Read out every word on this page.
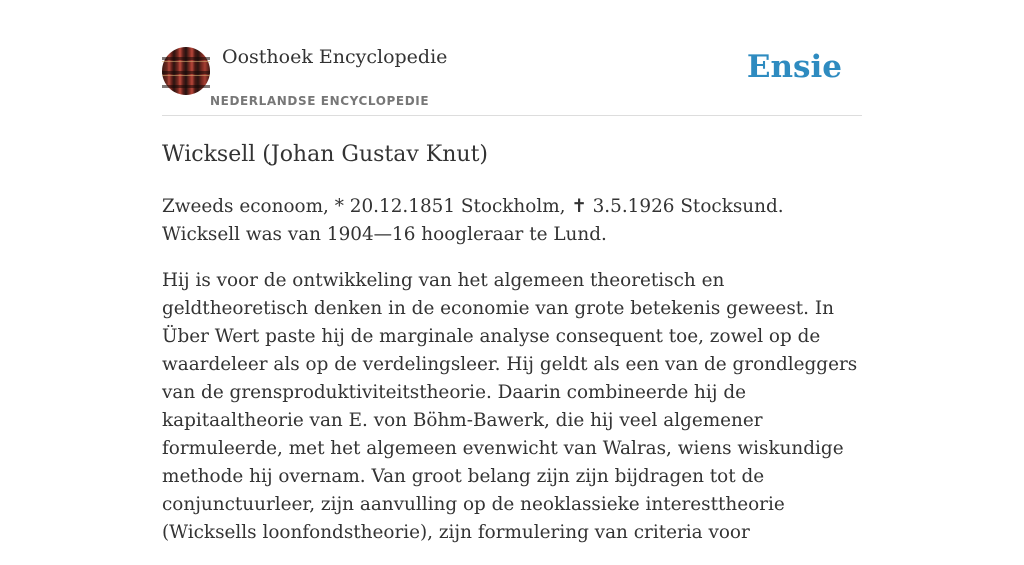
Oosthoek Encyclopedie
NEDERLANDSE ENCYCLOPEDIE
Ensie
Wicksell (Johan Gustav Knut)

Zweeds econoom, * 20.12.1851 Stockholm, ✝ 3.5.1926 Stocksund. Wicksell was van 1904—16 hoogleraar te Lund.

Hij is voor de ontwikkeling van het algemeen theoretisch en geldtheoretisch denken in de economie van grote betekenis geweest. In Über Wert paste hij de marginale analyse consequent toe, zowel op de waardeleer als op de verdelingsleer. Hij geldt als een van de grondleggers van de grensproduktiviteitstheorie. Daarin combineerde hij de kapitaaltheorie van E. von Böhm-Bawerk, die hij veel algemener formuleerde, met het algemeen evenwicht van Walras, wiens wiskundige methode hij overnam. Van groot belang zijn zijn bijdragen tot de conjunctuurleer, zijn aanvulling op de neoklassieke interesttheorie (Wicksells loonfondstheorie), zijn formulering van criteria voor
